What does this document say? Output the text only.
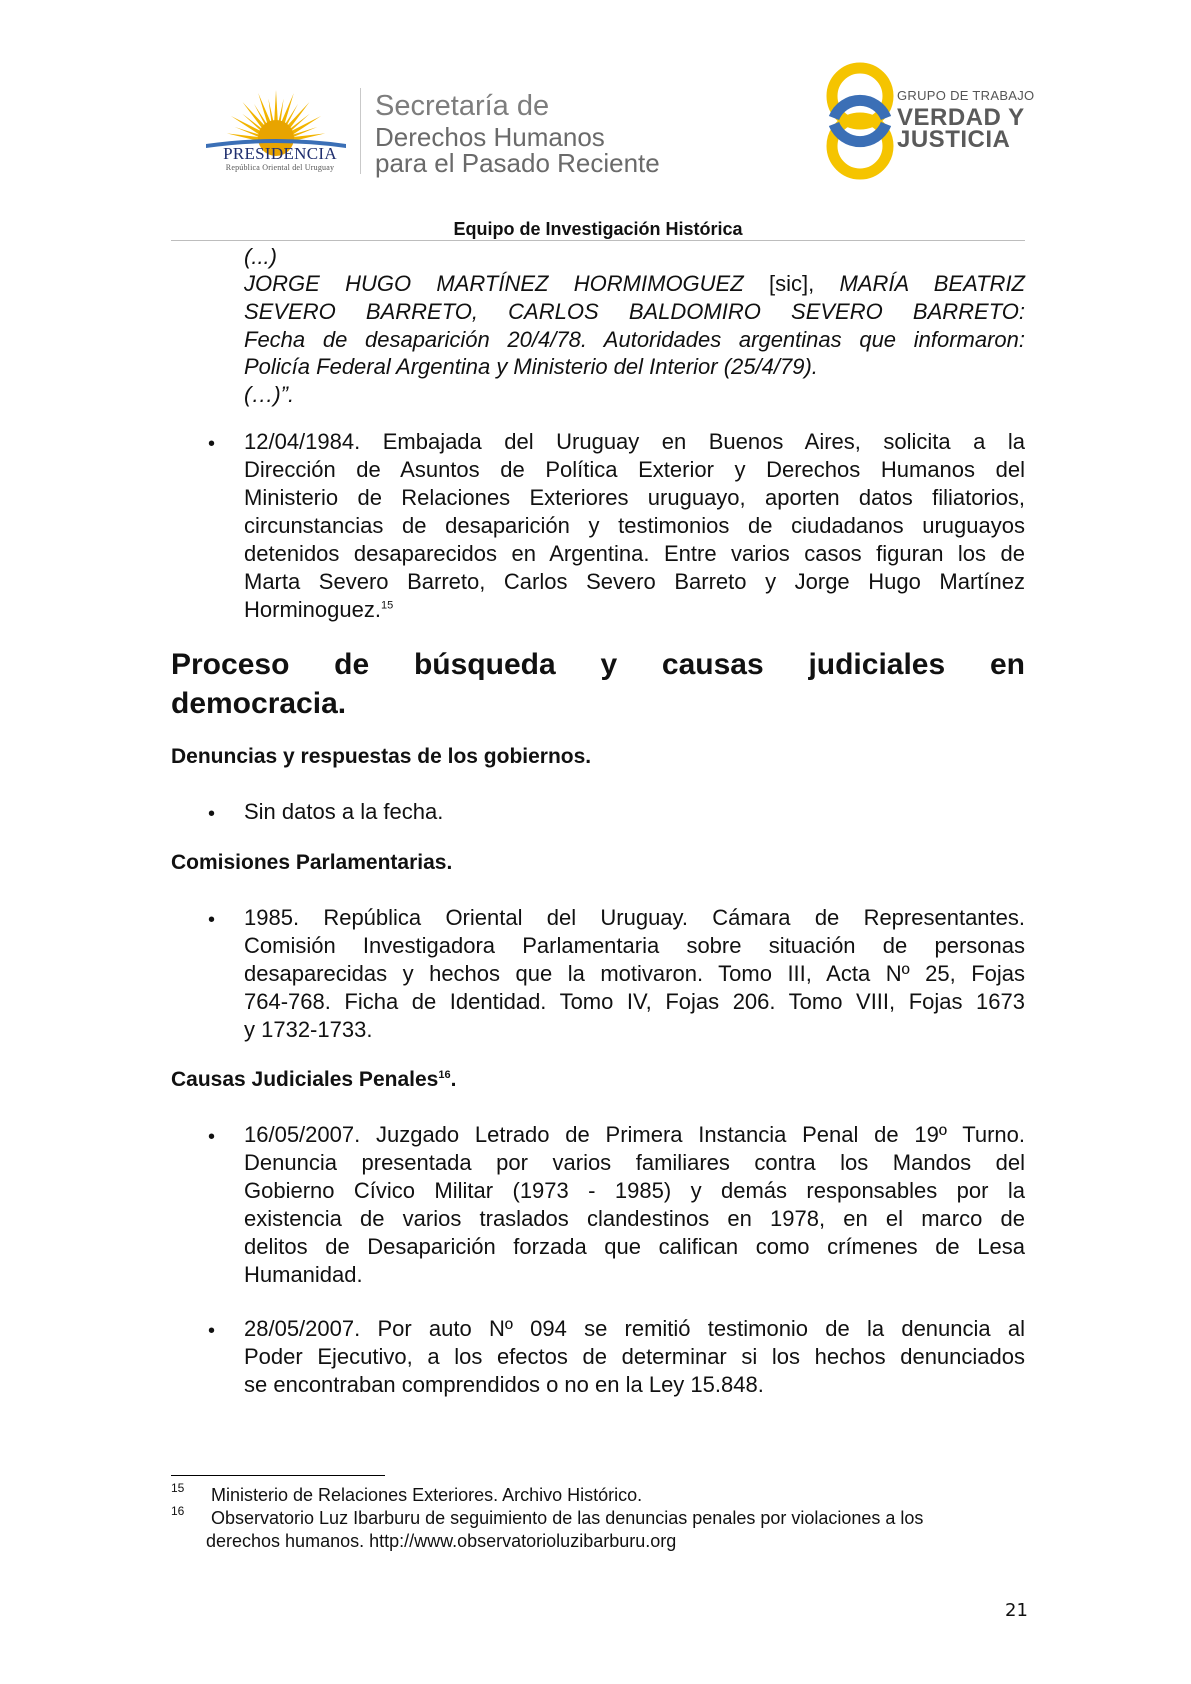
PRESIDENCIA
República Oriental del Uruguay
Secretaría de
Derechos Humanos
para el Pasado Reciente
GRUPO DE TRABAJO
VERDAD Y
JUSTICIA
Equipo de Investigación Histórica
(...)
JORGE HUGO MARTÍNEZ HORMIMOGUEZ [sic], MARÍA BEATRIZ
SEVERO BARRETO, CARLOS BALDOMIRO SEVERO BARRETO:
Fecha de desaparición 20/4/78. Autoridades argentinas que informaron:
Policía Federal Argentina y Ministerio del Interior (25/4/79).
(…)”.
• 12/04/1984. Embajada del Uruguay en Buenos Aires, solicita a la
Dirección de Asuntos de Política Exterior y Derechos Humanos del
Ministerio de Relaciones Exteriores uruguayo, aporten datos filiatorios,
circunstancias de desaparición y testimonios de ciudadanos uruguayos
detenidos desaparecidos en Argentina. Entre varios casos figuran los de
Marta Severo Barreto, Carlos Severo Barreto y Jorge Hugo Martínez
Horminoguez.$^{15}$
Proceso de búsqueda y causas judiciales en
democracia.
Denuncias y respuestas de los gobiernos.
• Sin datos a la fecha.
Comisiones Parlamentarias.
• 1985. República Oriental del Uruguay. Cámara de Representantes.
Comisión Investigadora Parlamentaria sobre situación de personas
desaparecidas y hechos que la motivaron. Tomo III, Acta Nº 25, Fojas
764-768. Ficha de Identidad. Tomo IV, Fojas 206. Tomo VIII, Fojas 1673
y 1732-1733.
Causas Judiciales Penales$^{16}$.
• 16/05/2007. Juzgado Letrado de Primera Instancia Penal de 19º Turno.
Denuncia presentada por varios familiares contra los Mandos del
Gobierno Cívico Militar (1973 - 1985) y demás responsables por la
existencia de varios traslados clandestinos en 1978, en el marco de
delitos de Desaparición forzada que califican como crímenes de Lesa
Humanidad.
• 28/05/2007. Por auto Nº 094 se remitió testimonio de la denuncia al
Poder Ejecutivo, a los efectos de determinar si los hechos denunciados
se encontraban comprendidos o no en la Ley 15.848.
15 Ministerio de Relaciones Exteriores. Archivo Histórico.
16 Observatorio Luz Ibarburu de seguimiento de las denuncias penales por violaciones a los
derechos humanos. http://www.observatorioluzibarburu.org
21
